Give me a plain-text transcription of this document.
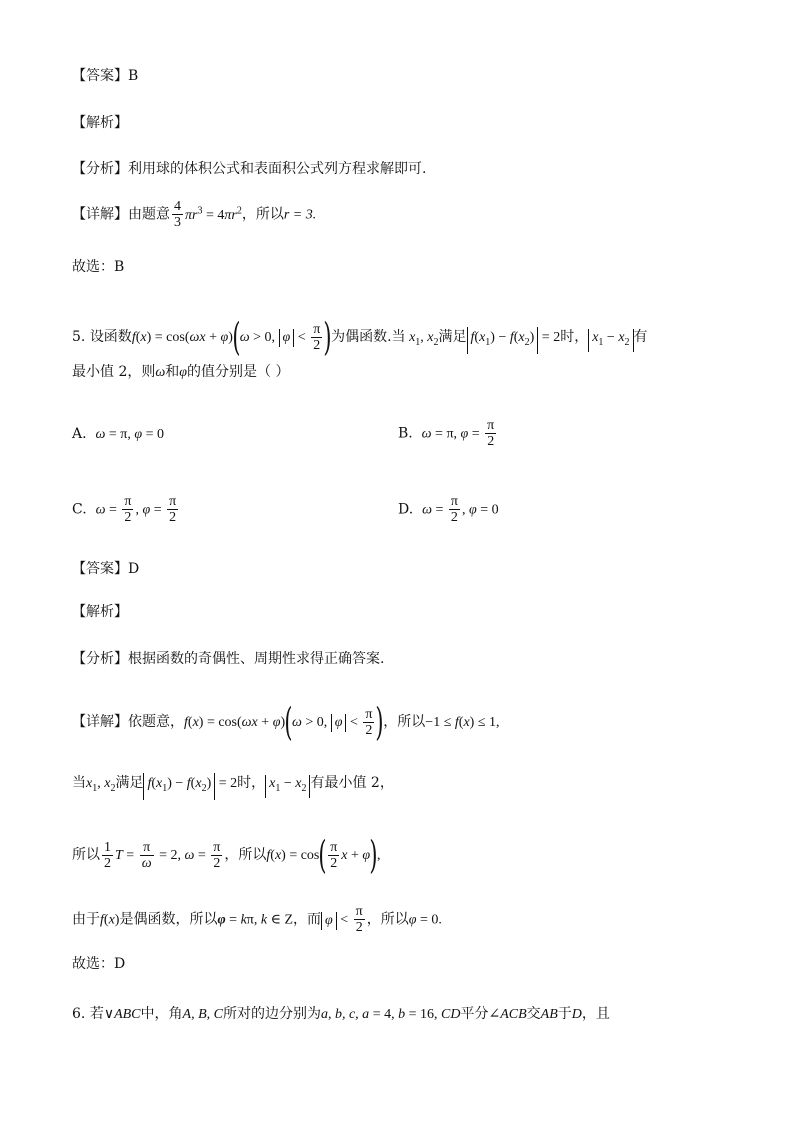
【答案】B
【解析】
【分析】利用球的体积公式和表面积公式列方程求解即可.
【详解】由题意 $\frac{4}{3} \pi r^3 = 4\pi r^2$，所以r = 3.
故选：B
5. 设函数f(x) = cos(ωx + φ)(ω > 0, $\varphi < \frac{\pi}{2}$ )为偶函数.当 $x_1$, $x_2$满足 $f(x_1) - f(x_2) = 2$时， $x_1 - x_2$ 有
最小值 2，则ω和φ的值分别是（ ）
A. ω = π, φ = 0	B. ω = π, $\varphi = \frac{\pi}{2}$
C. $\omega = \frac{\pi}{2}$ , $\varphi = \frac{\pi}{2}$	D. $\omega = \frac{\pi}{2}$ , φ = 0
【答案】D
【解析】
【分析】根据函数的奇偶性、周期性求得正确答案.
【详解】依题意，f(x) = cos(ωx + φ)(ω > 0, $\varphi < \frac{\pi}{2}$ )，所以−1 ≤ f(x) ≤ 1,
当$x_1$, $x_2$满足 $f(x_1) - f(x_2) = 2$时， $x_1 - x_2$ 有最小值 2，
所以 $\frac{1}{2}$ $T = \frac{\pi}{\omega} = 2$, $\omega = \frac{\pi}{2}$ ，所以$f(x) = \cos( \frac{\pi}{2}$ x + φ),
由于f(x)是偶函数，所以φ = kπ, k ∈ Z，而 $\varphi < \frac{\pi}{2}$ ，所以φ = 0.
故选：D
6. 若∨ABC中，角A, B, C所对的边分别为a, b, c, a = 4, b = 16, CD平分∠ACB交AB于D，且
